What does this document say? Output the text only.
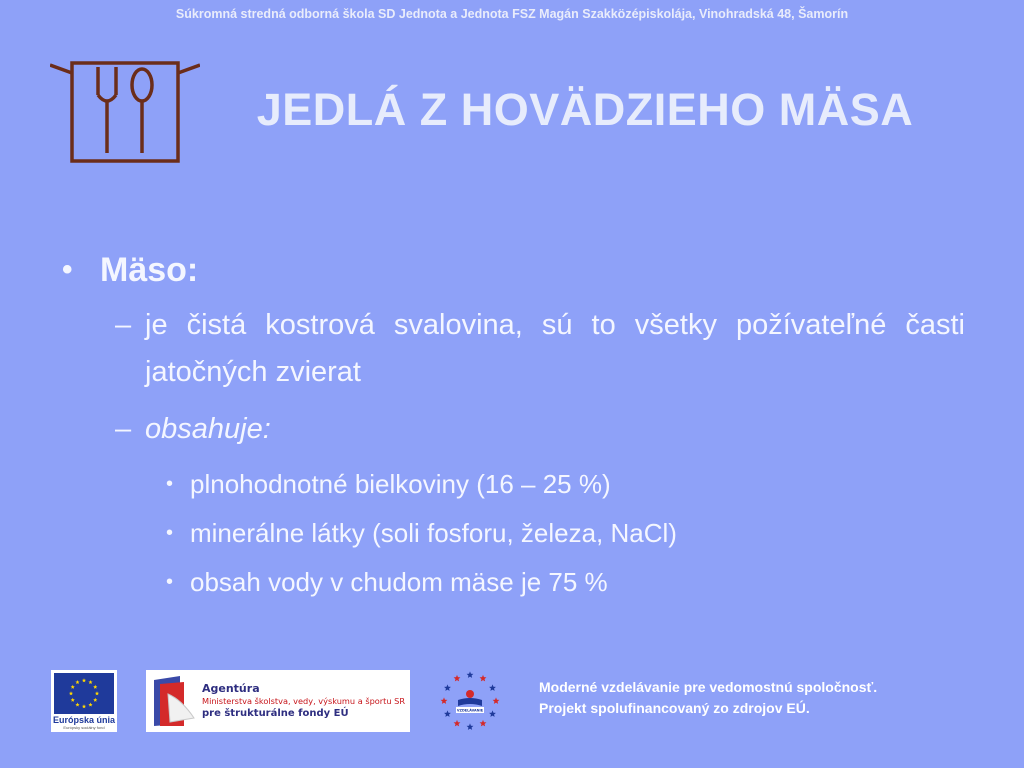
Súkromná stredná odborná škola SD Jednota a Jednota FSZ Magán Szakközépiskolája, Vinohradská 48, Šamorín
JEDLÁ Z HOVÄDZIEHO MÄSA
• Mäso:
– je čistá kostrová svalovina, sú to všetky požívateľné časti jatočných zvierat
– obsahuje:
• plnohodnotné bielkoviny (16 – 25 %)
• minerálne látky (soli fosforu, železa, NaCl)
• obsah vody v chudom mäse je 75 %
Európska únia
Európsky sociálny fond
Agentúra
Ministerstva školstva, vedy, výskumu a športu SR
pre štrukturálne fondy EÚ	VZDELÁVANIE
Moderné vzdelávanie pre vedomostnú spoločnosť.
Projekt spolufinancovaný zo zdrojov EÚ.
